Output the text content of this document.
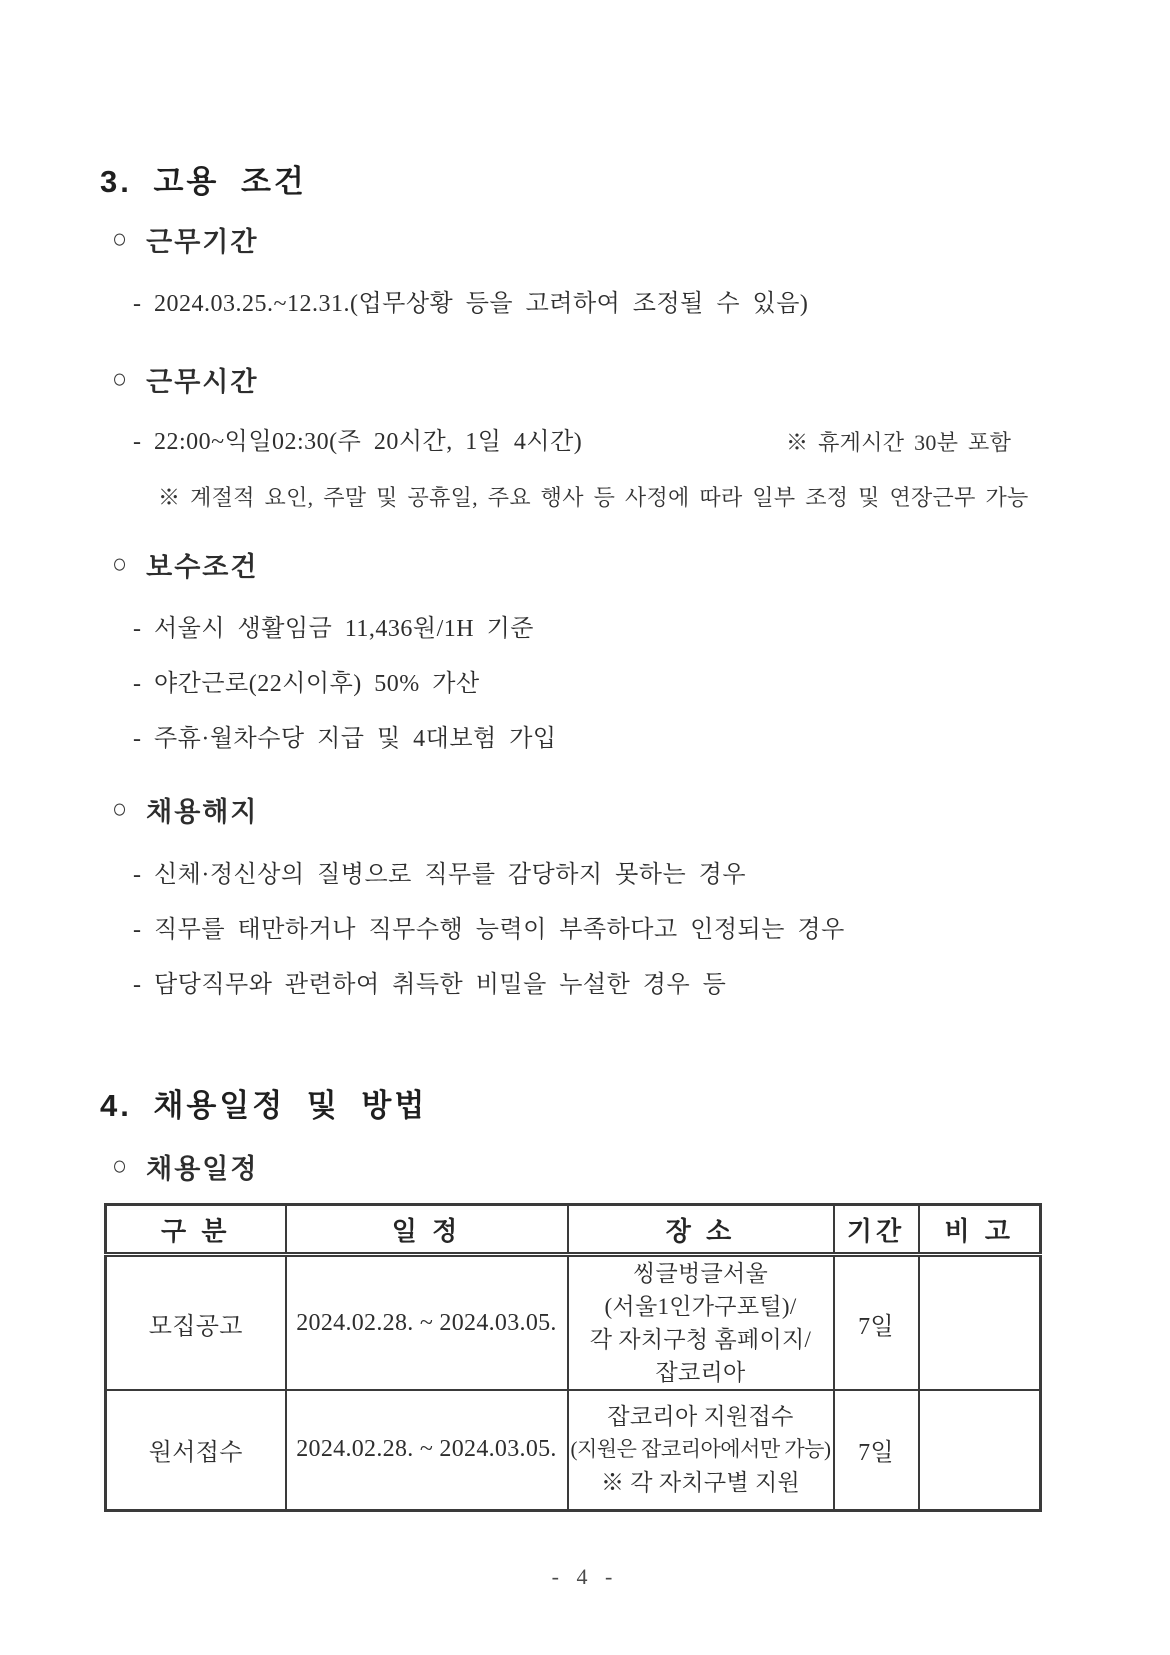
3. 고용 조건
○ 근무기간
- 2024.03.25.~12.31.(업무상황 등을 고려하여 조정될 수 있음)
○ 근무시간
- 22:00~익일02:30(주 20시간, 1일 4시간)	※ 휴게시간 30분 포함
※ 계절적 요인, 주말 및 공휴일, 주요 행사 등 사정에 따라 일부 조정 및 연장근무 가능
○ 보수조건
- 서울시 생활임금 11,436원/1H 기준
- 야간근로(22시이후) 50% 가산
- 주휴·월차수당 지급 및 4대보험 가입
○ 채용해지
- 신체·정신상의 질병으로 직무를 감당하지 못하는 경우
- 직무를 태만하거나 직무수행 능력이 부족하다고 인정되는 경우
- 담당직무와 관련하여 취득한 비밀을 누설한 경우 등
4. 채용일정 및 방법
○ 채용일정
구 분	일 정	장 소	기간	비 고
모집공고	2024.02.28. ~ 2024.03.05.	씽글벙글서울
(서울1인가구포털)/
각 자치구청 홈페이지/
잡코리아	7일	
원서접수	2024.02.28. ~ 2024.03.05.	잡코리아 지원접수
(지원은 잡코리아에서만 가능)
※ 각 자치구별 지원	7일	
- 4 -
